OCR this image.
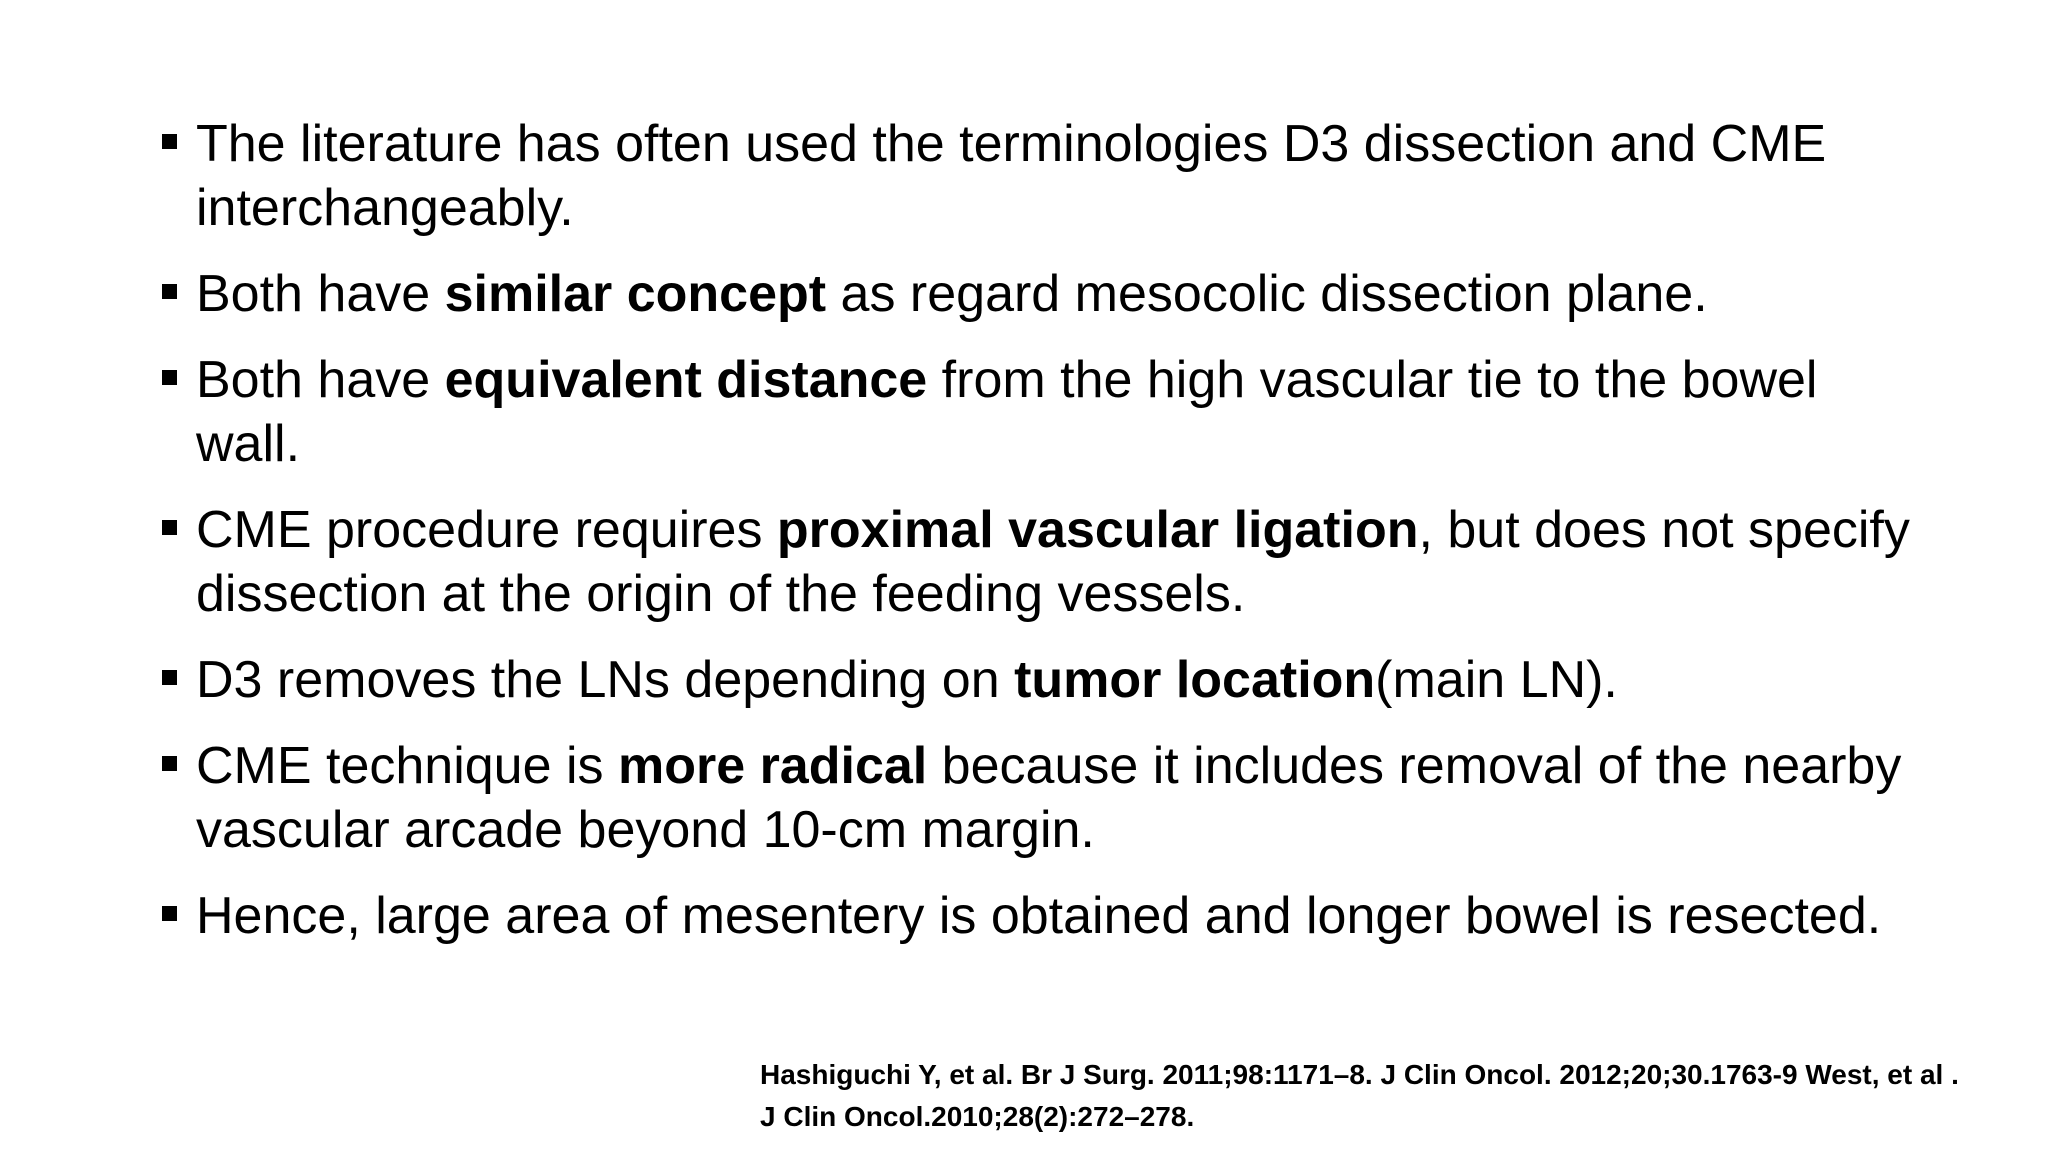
The literature has often used the terminologies D3 dissection and CME interchangeably.
Both have similar concept as regard mesocolic dissection plane.
Both have equivalent distance from the high vascular tie to the bowel wall.
CME procedure requires proximal vascular ligation, but does not specify dissection at the origin of the feeding vessels.
D3 removes the LNs depending on tumor location(main LN).
CME technique is more radical because it includes removal of the nearby vascular arcade beyond 10-cm margin.
Hence, large area of mesentery is obtained and longer bowel is resected.
Hashiguchi Y, et al. Br J Surg. 2011;98:1171–8. J Clin Oncol. 2012;20;30.1763-9 West, et al .
J Clin Oncol.2010;28(2):272–278.
